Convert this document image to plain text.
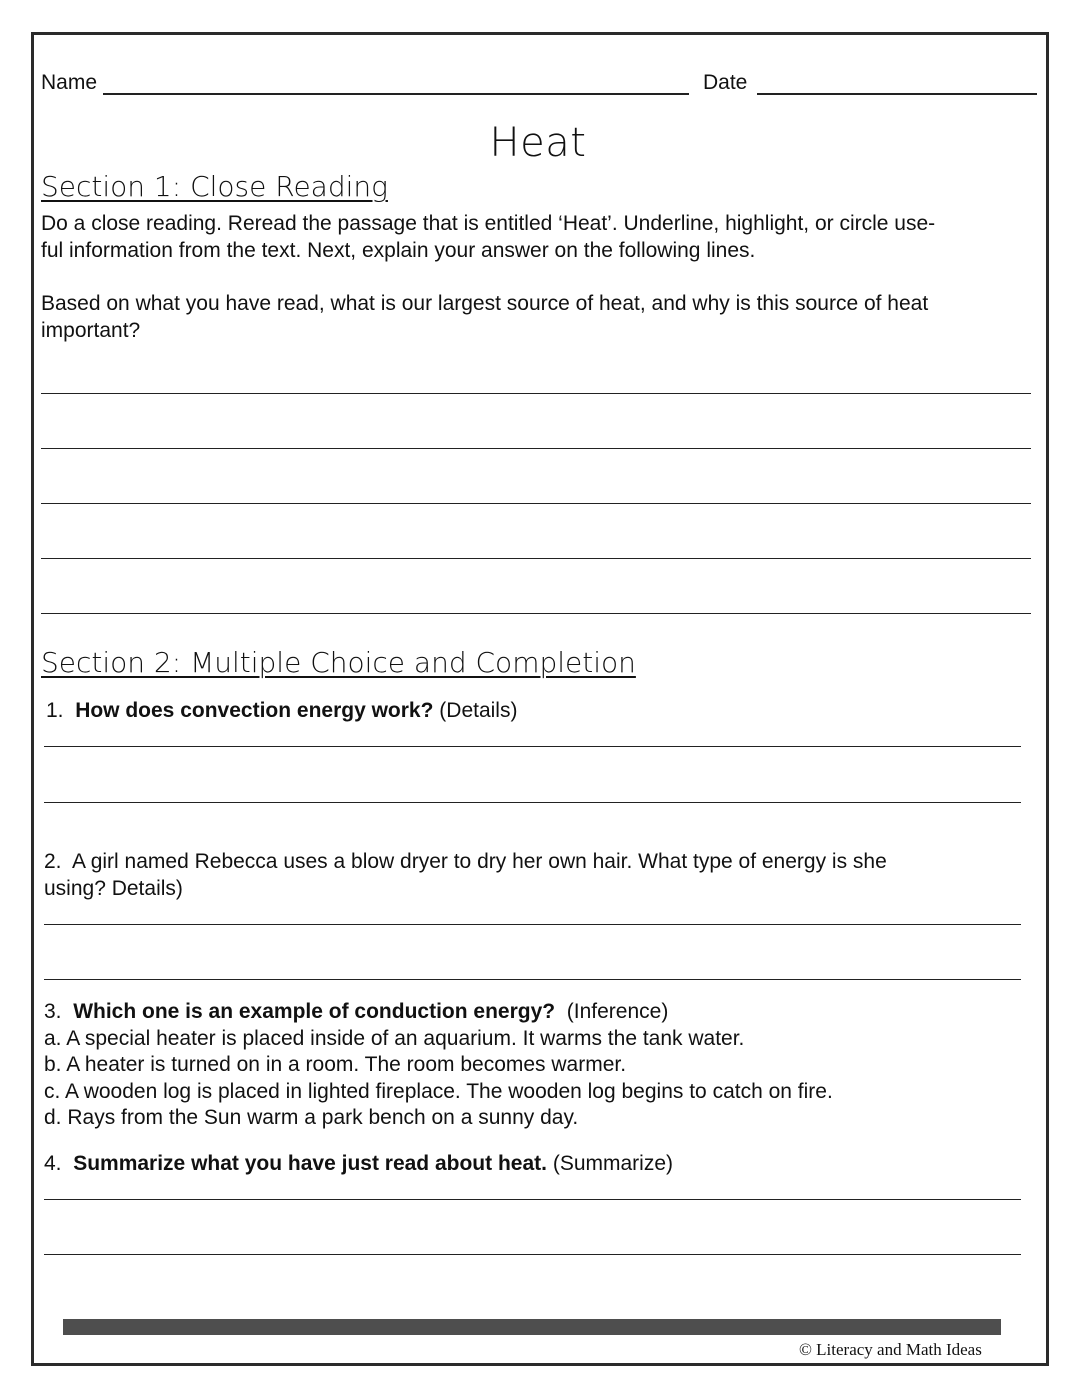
Name	Date
Heat
Section 1: Close Reading
Do a close reading. Reread the passage that is entitled ‘Heat’. Underline, highlight, or circle use-
ful information from the text. Next, explain your answer on the following lines.
Based on what you have read, what is our largest source of heat, and why is this source of heat
important?
Section 2: Multiple Choice and Completion
1. How does convection energy work? (Details)
2. A girl named Rebecca uses a blow dryer to dry her own hair. What type of energy is she
using? Details)
3. Which one is an example of conduction energy? (Inference)
a. A special heater is placed inside of an aquarium. It warms the tank water.
b. A heater is turned on in a room. The room becomes warmer.
c. A wooden log is placed in lighted fireplace. The wooden log begins to catch on fire.
d. Rays from the Sun warm a park bench on a sunny day.
4. Summarize what you have just read about heat. (Summarize)
© Literacy and Math Ideas
